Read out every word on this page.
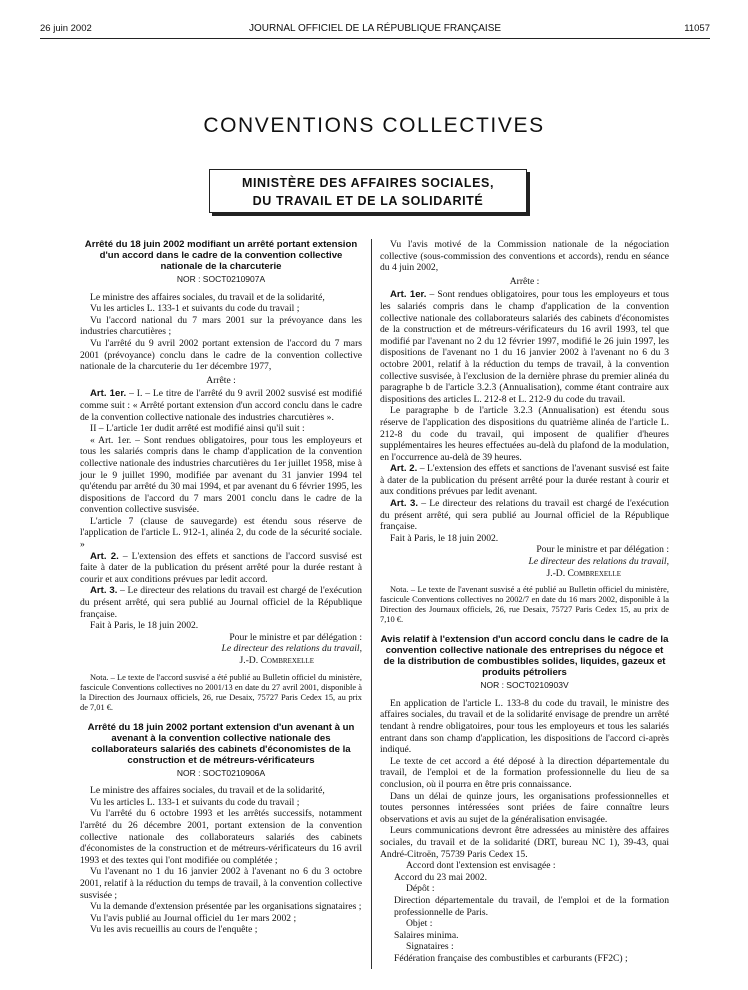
26 juin 2002	JOURNAL OFFICIEL DE LA RÉPUBLIQUE FRANÇAISE	11057
CONVENTIONS COLLECTIVES
MINISTÈRE DES AFFAIRES SOCIALES,
DU TRAVAIL ET DE LA SOLIDARITÉ
Arrêté du 18 juin 2002 modifiant un arrêté portant extension d'un accord dans le cadre de la convention collective nationale de la charcuterie
NOR : SOCT0210907A

Le ministre des affaires sociales, du travail et de la solidarité,

Vu les articles L. 133-1 et suivants du code du travail ;

Vu l'accord national du 7 mars 2001 sur la prévoyance dans les industries charcutières ;

Vu l'arrêté du 9 avril 2002 portant extension de l'accord du 7 mars 2001 (prévoyance) conclu dans le cadre de la convention collective nationale de la charcuterie du 1er décembre 1977,

Arrête :

Art. 1er. – I. – Le titre de l'arrêté du 9 avril 2002 susvisé est modifié comme suit : « Arrêté portant extension d'un accord conclu dans le cadre de la convention collective nationale des industries charcutières ».

II – L'article 1er dudit arrêté est modifié ainsi qu'il suit :

« Art. 1er. – Sont rendues obligatoires, pour tous les employeurs et tous les salariés compris dans le champ d'application de la convention collective nationale des industries charcutières du 1er juillet 1958, mise à jour le 9 juillet 1990, modifiée par avenant du 31 janvier 1994 tel qu'étendu par arrêté du 30 mai 1994, et par avenant du 6 février 1995, les dispositions de l'accord du 7 mars 2001 conclu dans le cadre de la convention collective susvisée.

L'article 7 (clause de sauvegarde) est étendu sous réserve de l'application de l'article L. 912-1, alinéa 2, du code de la sécurité sociale. »

Art. 2. – L'extension des effets et sanctions de l'accord susvisé est faite à dater de la publication du présent arrêté pour la durée restant à courir et aux conditions prévues par ledit accord.

Art. 3. – Le directeur des relations du travail est chargé de l'exécution du présent arrêté, qui sera publié au Journal officiel de la République française.

Fait à Paris, le 18 juin 2002.

Pour le ministre et par délégation :

Le directeur des relations du travail,

J.-D. Combrexelle

Nota. – Le texte de l'accord susvisé a été publié au Bulletin officiel du ministère, fascicule Conventions collectives no 2001/13 en date du 27 avril 2001, disponible à la Direction des Journaux officiels, 26, rue Desaix, 75727 Paris Cedex 15, au prix de 7,01 €.

Arrêté du 18 juin 2002 portant extension d'un avenant à un avenant à la convention collective nationale des collaborateurs salariés des cabinets d'économistes de la construction et de métreurs-vérificateurs
NOR : SOCT0210906A

Le ministre des affaires sociales, du travail et de la solidarité,

Vu les articles L. 133-1 et suivants du code du travail ;

Vu l'arrêté du 6 octobre 1993 et les arrêtés successifs, notamment l'arrêté du 26 décembre 2001, portant extension de la convention collective nationale des collaborateurs salariés des cabinets d'économistes de la construction et de métreurs-vérificateurs du 16 avril 1993 et des textes qui l'ont modifiée ou complétée ;

Vu l'avenant no 1 du 16 janvier 2002 à l'avenant no 6 du 3 octobre 2001, relatif à la réduction du temps de travail, à la convention collective susvisée ;

Vu la demande d'extension présentée par les organisations signataires ;

Vu l'avis publié au Journal officiel du 1er mars 2002 ;

Vu les avis recueillis au cours de l'enquête ;

Vu l'avis motivé de la Commission nationale de la négociation collective (sous-commission des conventions et accords), rendu en séance du 4 juin 2002,

Arrête :

Art. 1er. – Sont rendues obligatoires, pour tous les employeurs et tous les salariés compris dans le champ d'application de la convention collective nationale des collaborateurs salariés des cabinets d'économistes de la construction et de métreurs-vérificateurs du 16 avril 1993, tel que modifié par l'avenant no 2 du 12 février 1997, modifié le 26 juin 1997, les dispositions de l'avenant no 1 du 16 janvier 2002 à l'avenant no 6 du 3 octobre 2001, relatif à la réduction du temps de travail, à la convention collective susvisée, à l'exclusion de la dernière phrase du premier alinéa du paragraphe b de l'article 3.2.3 (Annualisation), comme étant contraire aux dispositions des articles L. 212-8 et L. 212-9 du code du travail.

Le paragraphe b de l'article 3.2.3 (Annualisation) est étendu sous réserve de l'application des dispositions du quatrième alinéa de l'article L. 212-8 du code du travail, qui imposent de qualifier d'heures supplémentaires les heures effectuées au-delà du plafond de la modulation, en l'occurrence au-delà de 39 heures.

Art. 2. – L'extension des effets et sanctions de l'avenant susvisé est faite à dater de la publication du présent arrêté pour la durée restant à courir et aux conditions prévues par ledit avenant.

Art. 3. – Le directeur des relations du travail est chargé de l'exécution du présent arrêté, qui sera publié au Journal officiel de la République française.

Fait à Paris, le 18 juin 2002.

Pour le ministre et par délégation :

Le directeur des relations du travail,

J.-D. Combrexelle

Nota. – Le texte de l'avenant susvisé a été publié au Bulletin officiel du ministère, fascicule Conventions collectives no 2002/7 en date du 16 mars 2002, disponible à la Direction des Journaux officiels, 26, rue Desaix, 75727 Paris Cedex 15, au prix de 7,10 €.

Avis relatif à l'extension d'un accord conclu dans le cadre de la convention collective nationale des entreprises du négoce et de la distribution de combustibles solides, liquides, gazeux et produits pétroliers
NOR : SOCT0210903V

En application de l'article L. 133-8 du code du travail, le ministre des affaires sociales, du travail et de la solidarité envisage de prendre un arrêté tendant à rendre obligatoires, pour tous les employeurs et tous les salariés entrant dans son champ d'application, les dispositions de l'accord ci-après indiqué.

Le texte de cet accord a été déposé à la direction départementale du travail, de l'emploi et de la formation professionnelle du lieu de sa conclusion, où il pourra en être pris connaissance.

Dans un délai de quinze jours, les organisations professionnelles et toutes personnes intéressées sont priées de faire connaître leurs observations et avis au sujet de la généralisation envisagée.

Leurs communications devront être adressées au ministère des affaires sociales, du travail et de la solidarité (DRT, bureau NC 1), 39-43, quai André-Citroën, 75739 Paris Cedex 15.

Accord dont l'extension est envisagée :

Accord du 23 mai 2002.

Dépôt :

Direction départementale du travail, de l'emploi et de la formation professionnelle de Paris.

Objet :

Salaires minima.

Signataires :

Fédération française des combustibles et carburants (FF2C) ;
